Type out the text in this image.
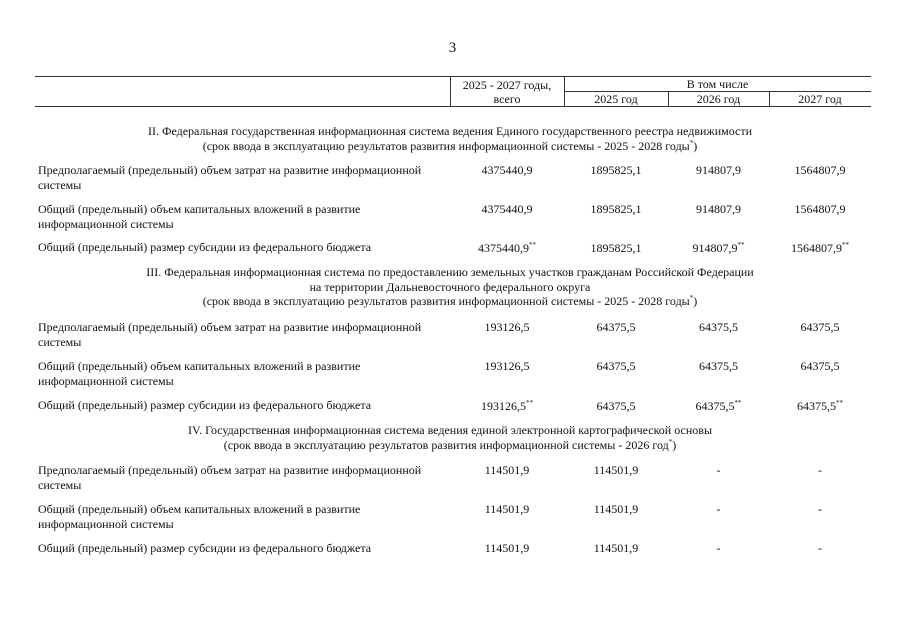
3
2025 - 2027 годы,
всего
В том числе
2025 год	2026 год	2027 год
II. Федеральная государственная информационная система ведения Единого государственного реестра недвижимости
(срок ввода в эксплуатацию результатов развития информационной системы - 2025 - 2028 годы*)
Предполагаемый (предельный) объем затрат на развитие информационной системы
4375440,9	1895825,1	914807,9	1564807,9
Общий (предельный) объем капитальных вложений в развитие информационной системы
4375440,9	1895825,1	914807,9	1564807,9
Общий (предельный) размер субсидии из федерального бюджета	4375440,9**	1895825,1	914807,9**	1564807,9**
III. Федеральная информационная система по предоставлению земельных участков гражданам Российской Федерации
на территории Дальневосточного федерального округа
(срок ввода в эксплуатацию результатов развития информационной системы - 2025 - 2028 годы*)
Предполагаемый (предельный) объем затрат на развитие информационной системы
193126,5	64375,5	64375,5	64375,5
Общий (предельный) объем капитальных вложений в развитие информационной системы
193126,5	64375,5	64375,5	64375,5
Общий (предельный) размер субсидии из федерального бюджета	193126,5**	64375,5	64375,5**	64375,5**
IV. Государственная информационная система ведения единой электронной картографической основы
(срок ввода в эксплуатацию результатов развития информационной системы - 2026 год*)
Предполагаемый (предельный) объем затрат на развитие информационной системы
114501,9	114501,9	-	-
Общий (предельный) объем капитальных вложений в развитие информационной системы
114501,9	114501,9	-	-
Общий (предельный) размер субсидии из федерального бюджета	114501,9	114501,9	-	-
